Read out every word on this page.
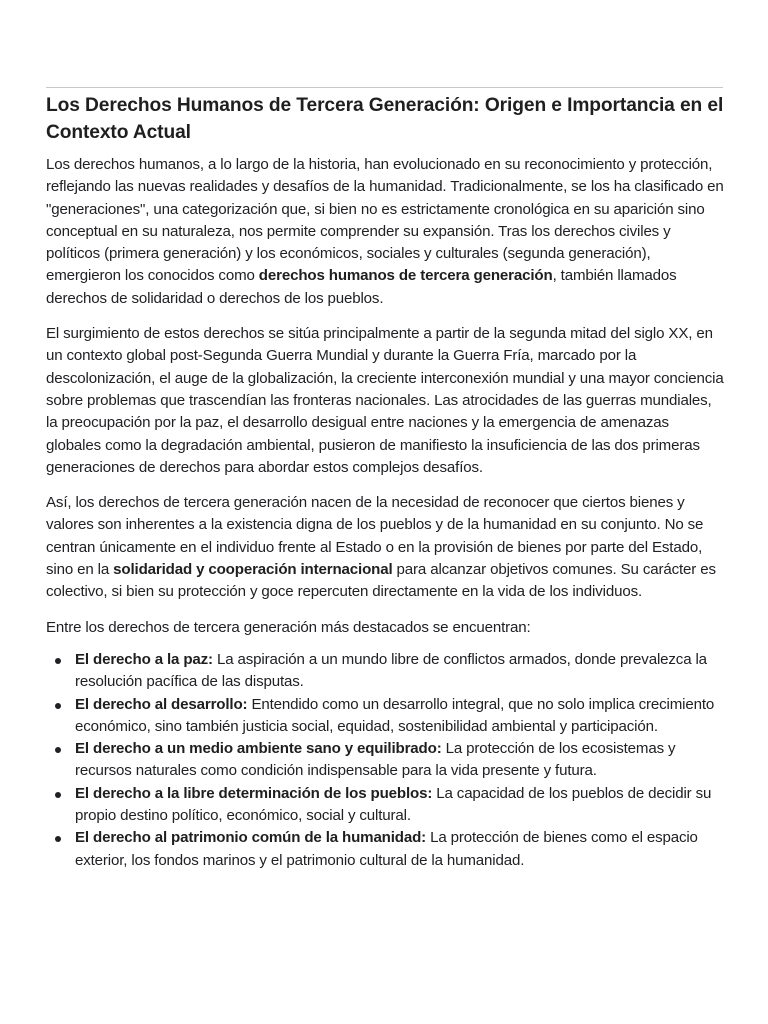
Los Derechos Humanos de Tercera Generación: Origen e Importancia en el Contexto Actual

Los derechos humanos, a lo largo de la historia, han evolucionado en su reconocimiento y protección, reflejando las nuevas realidades y desafíos de la humanidad. Tradicionalmente, se los ha clasificado en "generaciones", una categorización que, si bien no es estrictamente cronológica en su aparición sino conceptual en su naturaleza, nos permite comprender su expansión. Tras los derechos civiles y políticos (primera generación) y los económicos, sociales y culturales (segunda generación), emergieron los conocidos como derechos humanos de tercera generación, también llamados derechos de solidaridad o derechos de los pueblos.

El surgimiento de estos derechos se sitúa principalmente a partir de la segunda mitad del siglo XX, en un contexto global post-Segunda Guerra Mundial y durante la Guerra Fría, marcado por la descolonización, el auge de la globalización, la creciente interconexión mundial y una mayor conciencia sobre problemas que trascendían las fronteras nacionales. Las atrocidades de las guerras mundiales, la preocupación por la paz, el desarrollo desigual entre naciones y la emergencia de amenazas globales como la degradación ambiental, pusieron de manifiesto la insuficiencia de las dos primeras generaciones de derechos para abordar estos complejos desafíos.

Así, los derechos de tercera generación nacen de la necesidad de reconocer que ciertos bienes y valores son inherentes a la existencia digna de los pueblos y de la humanidad en su conjunto. No se centran únicamente en el individuo frente al Estado o en la provisión de bienes por parte del Estado, sino en la solidaridad y cooperación internacional para alcanzar objetivos comunes. Su carácter es colectivo, si bien su protección y goce repercuten directamente en la vida de los individuos.

Entre los derechos de tercera generación más destacados se encuentran:

El derecho a la paz: La aspiración a un mundo libre de conflictos armados, donde prevalezca la resolución pacífica de las disputas.
El derecho al desarrollo: Entendido como un desarrollo integral, que no solo implica crecimiento económico, sino también justicia social, equidad, sostenibilidad ambiental y participación.
El derecho a un medio ambiente sano y equilibrado: La protección de los ecosistemas y recursos naturales como condición indispensable para la vida presente y futura.
El derecho a la libre determinación de los pueblos: La capacidad de los pueblos de decidir su propio destino político, económico, social y cultural.
El derecho al patrimonio común de la humanidad: La protección de bienes como el espacio exterior, los fondos marinos y el patrimonio cultural de la humanidad.
